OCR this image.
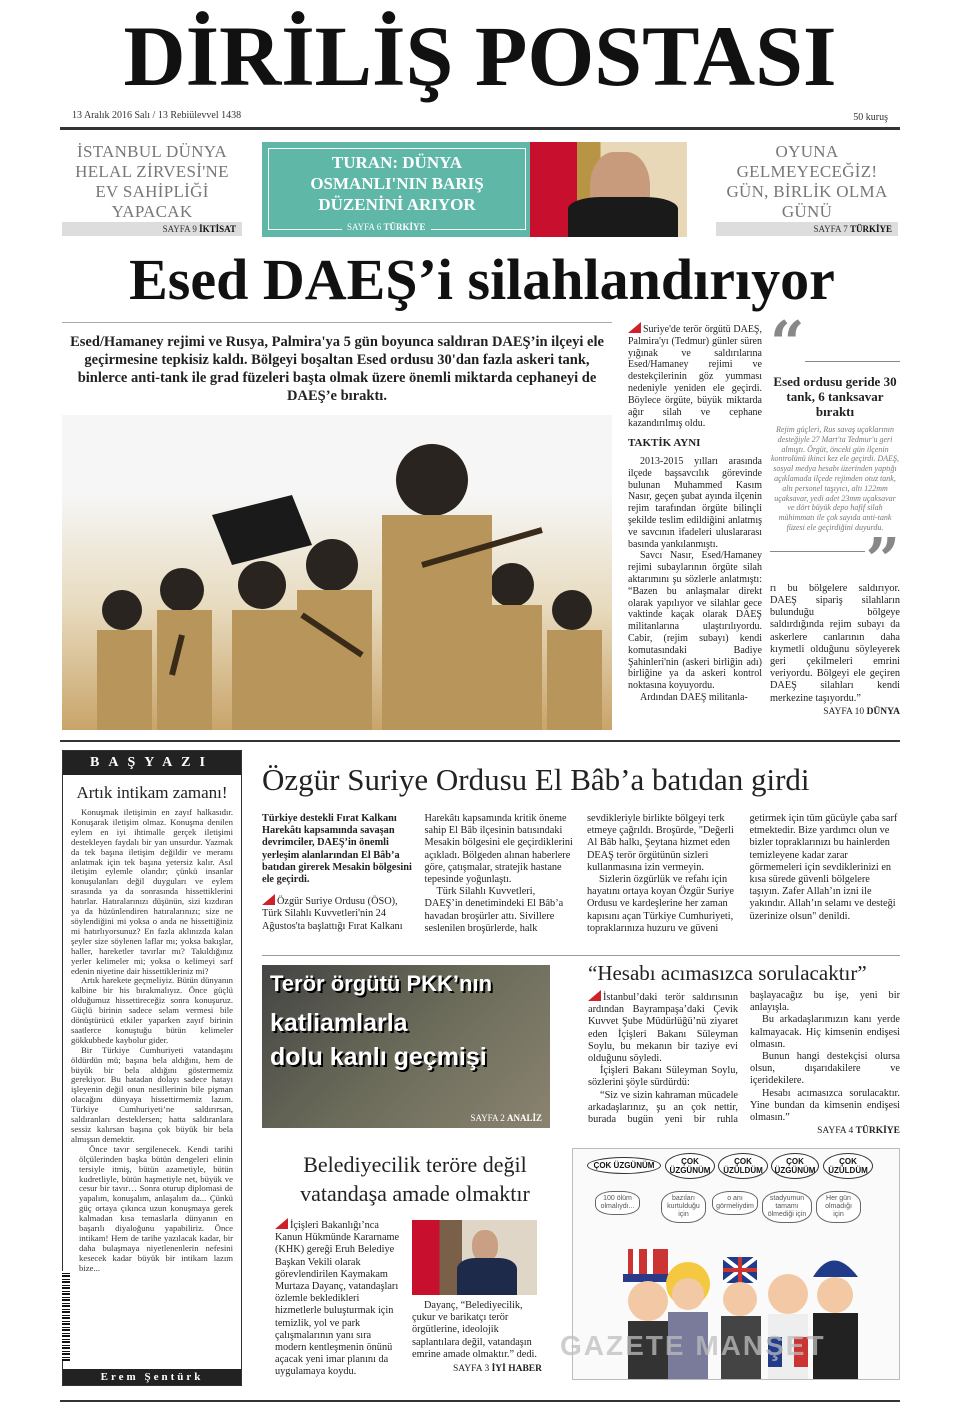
DİRİLİŞ POSTASI
13 Aralık 2016 Salı / 13 Rebiülevvel 1438	50 kuruş
İSTANBUL DÜNYA HELAL ZİRVESİ'NE EV SAHİPLİĞİ YAPACAK
SAYFA 9 İKTİSAT
TURAN: DÜNYA OSMANLI'NIN BARIŞ DÜZENİNİ ARIYOR
SAYFA 6 TÜRKİYE
OYUNA GELMEYECEĞİZ! GÜN, BİRLİK OLMA GÜNÜ
SAYFA 7 TÜRKİYE
Esed DAEŞ’i silahlandırıyor
Esed/Hamaney rejimi ve Rusya, Palmira'ya 5 gün boyunca saldıran DAEŞ’in ilçeyi ele geçirmesine tepkisiz kaldı. Bölgeyi boşaltan Esed ordusu 30'dan fazla askeri tank, binlerce anti-tank ile grad füzeleri başta olmak üzere önemli miktarda cephaneyi de DAEŞ’e bıraktı.

Suriye'de terör örgütü DAEŞ, Palmira'yı (Tedmur) günler süren yığınak ve saldırılarına Esed/Hamaney rejimi ve destekçilerinin göz yumması nedeniyle yeniden ele geçirdi. Böylece örgüte, büyük miktarda ağır silah ve cephane kazandırılmış oldu.

TAKTİK AYNI

2013-2015 yılları arasında ilçede başsavcılık görevinde bulunan Muhammed Kasım Nasır, geçen şubat ayında ilçenin rejim tarafından örgüte bilinçli şekilde teslim edildiğini anlatmış ve savcının ifadeleri uluslararası basında yankılanmıştı.

Savcı Nasır, Esed/Hamaney rejimi subaylarının örgüte silah aktarımını şu sözlerle anlatmıştı: “Bazen bu anlaşmalar direkt olarak yapılıyor ve silahlar gece vaktinde kaçak olarak DAEŞ militanlarına ulaştırılıyordu. Cabir, (rejim subayı) kendi komutasındaki Badiye Şahinleri'nin (askeri birliğin adı) birliğine ya da askeri kontrol noktasına koyuyordu.

Ardından DAEŞ militanla-

“
Esed ordusu geride 30 tank, 6 tanksavar bıraktı
Rejim güçleri, Rus savaş uçaklarının desteğiyle 27 Mart'ta Tedmur'u geri almıştı. Örgüt, önceki gün ilçenin kontrolünü ikinci kez ele geçirdi. DAEŞ, sosyal medya hesabı üzerinden yaptığı açıklamada ilçede rejimden otuz tank, altı personel taşıyıcı, altı 122mm uçaksavar, yedi adet 23mm uçaksavar ve dört büyük depo hafif silah mühimmatı ile çok sayıda anti-tank füzesi ele geçirdiğini duyurdu.
”

rı bu bölgelere saldırıyor. DAEŞ sipariş silahların bulunduğu bölgeye saldırdığında rejim subayı da askerlere canlarının daha kıymetli olduğunu söyleyerek geri çekilmeleri emrini veriyordu. Bölgeyi ele geçiren DAEŞ silahları kendi merkezine taşıyordu.”

SAYFA 10 DÜNYA
BAŞYAZI
Artık intikam zamanı!

Konuşmak iletişimin en zayıf halkasıdır. Konuşarak iletişim olmaz. Konuşma denilen eylem en iyi ihtimalle gerçek iletişimi destekleyen faydalı bir yan unsurdur. Yazmak da tek başına iletişim değildir ve meramı anlatmak için tek başına yetersiz kalır. Asıl iletişim eylemle olandır; çünkü insanlar konuşulanları değil duyguları ve eylem sırasında ya da sonrasında hissettiklerini hatırlar. Hatıralarınızı düşünün, sizi kızdıran ya da hüzünlendiren hatıralarınızı; size ne söylendiğini mi yoksa o anda ne hissettiğiniz mi hatırlıyorsunuz? En fazla aklınızda kalan şeyler size söylenen laflar mı; yoksa bakışlar, haller, hareketler tavırlar mı? Takıldığınız yerler kelimeler mi; yoksa o kelimeyi sarf edenin niyetine dair hissettikleriniz mi?

Artık harekete geçmeliyiz. Bütün dünyanın kalbine bir his bırakmalıyız. Önce güçlü olduğumuz hissettireceğiz sonra konuşuruz. Güçlü birinin sadece selam vermesi bile dönüştürücü etkiler yaparken zayıf birinin saatlerce konuştuğu bütün kelimeler gökkubbede kaybolur gider.

Bir Türkiye Cumhuriyeti vatandaşını öldürdün mü; başına bela aldığını, hem de büyük bir bela aldığını göstermemiz gerekiyor. Bu hatadan dolayı sadece hatayı işleyenin değil onun nesillerinin bile pişman olacağını dünyaya hissettirmemiz lazım. Türkiye Cumhuriyeti’ne saldırırsan, saldıranları desteklersen; hatta saldıranlara sessiz kalırsan başına çok büyük bir bela almışsın demektir.

Önce tavır sergilenecek. Kendi tarihi ölçülerinden başka bütün dengeleri elinin tersiyle itmiş, bütün azametiyle, bütün kudretliyle, bütün haşmetiyle net, büyük ve cesur bir tavır… Sonra oturup diplomasi de yapalım, konuşalım, anlaşalım da... Çünkü güç ortaya çıkınca uzun konuşmaya gerek kalmadan kısa temaslarla dünyanın en başarılı diyaloğunu yapabiliriz. Önce intikam! Hem de tarihe yazılacak kadar, bir daha bulaşmaya niyetlenenlerin nefesini kesecek kadar büyük bir intikam lazım bize...

Erem Şentürk
Özgür Suriye Ordusu El Bâb’a batıdan girdi

Türkiye destekli Fırat Kalkanı Harekâtı kapsamında savaşan devrimciler, DAEŞ’in önemli yerleşim alanlarından El Bâb’a batıdan girerek Mesakin bölgesini ele geçirdi.

Özgür Suriye Ordusu (ÖSO), Türk Silahlı Kuvvetleri'nin 24 Ağustos'ta başlattığı Fırat Kalkanı Harekâtı kapsamında kritik öneme sahip El Bâb ilçesinin batısındaki Mesakin bölgesini ele geçirdiklerini açıkladı. Bölgeden alınan haberlere göre, çatışmalar, stratejik hastane tepesinde yoğunlaştı.

Türk Silahlı Kuvvetleri, DAEŞ’in denetimindeki El Bâb’a havadan broşürler attı. Sivillere seslenilen broşürlerde, halk sevdikleriyle birlikte bölgeyi terk etmeye çağrıldı. Broşürde, "Değerli Al Bâb halkı, Şeytana hizmet eden DEAŞ terör örgütünün sizleri kullanmasına izin vermeyin.

Sizlerin özgürlük ve refahı için hayatını ortaya koyan Özgür Suriye Ordusu ve kardeşlerine her zaman kapısını açan Türkiye Cumhuriyeti, topraklarınıza huzuru ve güveni getirmek için tüm gücüyle çaba sarf etmektedir. Bize yardımcı olun ve bizler topraklarınızı bu hainlerden temizleyene kadar zarar görmemeleri için sevdiklerinizi en kısa sürede güvenli bölgelere taşıyın. Zafer Allah’ın izni ile yakındır. Allah’ın selamı ve desteği üzerinize olsun" denildi.

Terör örgütü PKK’nın
katliamlarla
dolu kanlı geçmişi
SAYFA 2 ANALİZ
“Hesabı acımasızca sorulacaktır”

İstanbul’daki terör saldırısının ardından Bayrampaşa’daki Çevik Kuvvet Şube Müdürlüğü’nü ziyaret eden İçişleri Bakanı Süleyman Soylu, bu mekanın bir taziye evi olduğunu söyledi.

İçişleri Bakanı Süleyman Soylu, sözlerini şöyle sürdürdü:

“Siz ve sizin kahraman mücadele arkadaşlarınız, şu an çok nettir, burada bugün yeni bir ruhla başlayacağız bu işe, yeni bir anlayışla.

Bu arkadaşlarımızın kanı yerde kalmayacak. Hiç kimsenin endişesi olmasın.

Bunun hangi destekçisi olursa olsun, dışarıdakilere ve içeridekilere.

Hesabı acımasızca sorulacaktır. Yine bundan da kimsenin endişesi olmasın.”

SAYFA 4 TÜRKİYE
Belediyecilik teröre değil vatandaşa amade olmaktır

İçişleri Bakanlığı’nca Kanun Hükmünde Kararname (KHK) gereği Eruh Belediye Başkan Vekili olarak görevlendirilen Kaymakam Murtaza Dayanç, vatandaşları özlemle bekledikleri hizmetlerle buluşturmak için temizlik, yol ve park çalışmalarının yanı sıra modern kentleşmenin önünü açacak yeni imar planını da uygulamaya koydu.

Dayanç, “Belediyecilik, çukur ve barikatçı terör örgütlerine, ideolojik saplantılara değil, vatandaşın emrine amade olmaktır.” dedi.

SAYFA 3 İYİ HABER
ÇOK ÜZGÜNÜM	ÇOK ÜZGÜNÜM
ÇOK ÜZÜLDÜM
ÇOK ÜZGÜNÜM
ÇOK ÜZÜLDÜM
100 ölüm olmalıydı...
bazıları kurtulduğu için
o anı görmeliydim
stadyumun tamamı ölmediği için
Her gün olmadığı için
GAZETE MANŞET
